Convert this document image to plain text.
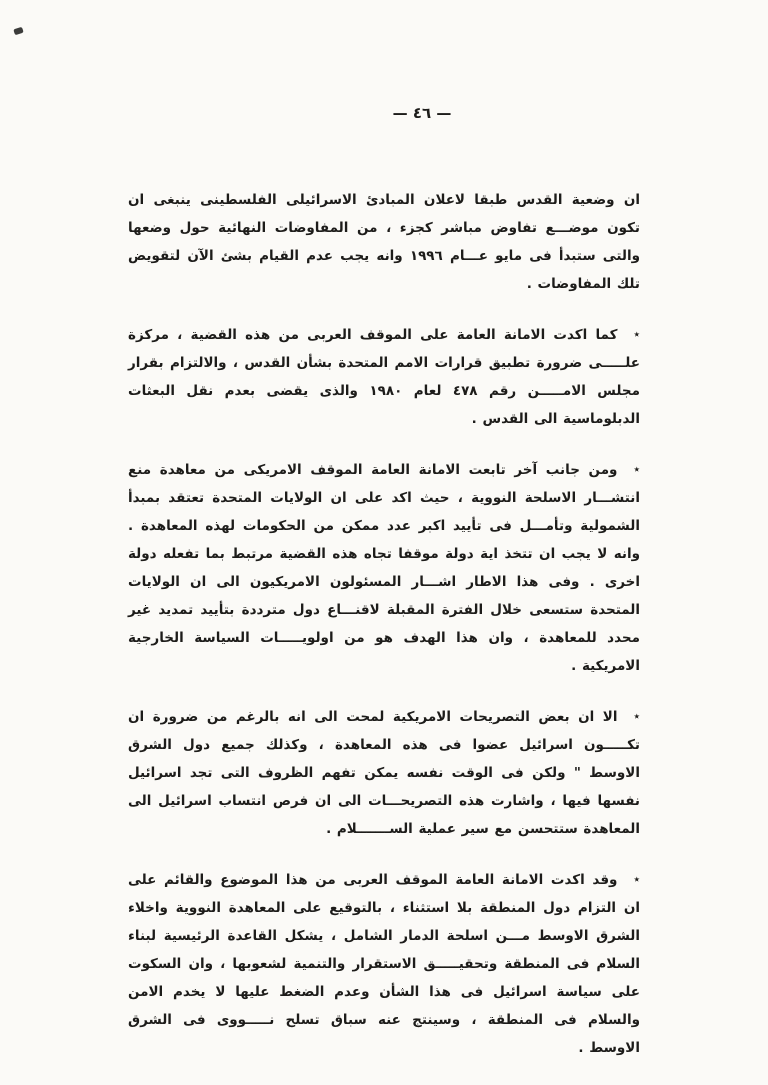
— ٤٦ —

ان وضعية القدس طبقا لاعلان المبادئ الاسرائيلى الفلسطينى ينبغى ان تكون موضـــع تفاوض مباشر كجزء ، من المفاوضات النهائية حول وضعها والتى ستبدأ فى مايو عـــام ١٩٩٦ وانه يجب عدم القيام بشئ الآن لتقويض تلك المفاوضات .

٭كما اكدت الامانة العامة على الموقف العربى من هذه القضية ، مركزة علـــــى ضرورة تطبيق قرارات الامم المتحدة بشأن القدس ، والالتزام بقرار مجلس الامـــــن رقم ٤٧٨ لعام ١٩٨٠ والذى يقضى بعدم نقل البعثات الدبلوماسية الى القدس .

٭ومن جانب آخر تابعت الامانة العامة الموقف الامريكى من معاهدة منع انتشـــار الاسلحة النووية ، حيث اكد على ان الولايات المتحدة تعتقد بمبدأ الشمولية وتأمـــل فى تأييد اكبر عدد ممكن من الحكومات لهذه المعاهدة . وانه لا يجب ان تتخذ اية دولة موقفا تجاه هذه القضية مرتبط بما تفعله دولة اخرى . وفى هذا الاطار اشـــار المسئولون الامريكيون الى ان الولايات المتحدة ستسعى خلال الفترة المقبلة لاقنـــاع دول مترددة بتأييد تمديد غير محدد للمعاهدة ، وان هذا الهدف هو من اولويـــــات السياسة الخارجية الامريكية .

٭الا ان بعض التصريحات الامريكية لمحت الى انه بالرغم من ضرورة ان تكـــــون اسرائيل عضوا فى هذه المعاهدة ، وكذلك جميع دول الشرق الاوسط " ولكن فى الوقت نفسه يمكن تفهم الظروف التى تجد اسرائيل نفسها فيها ، واشارت هذه التصريحـــات الى ان فرص انتساب اسرائيل الى المعاهدة ستتحسن مع سير عملية الســـــــلام .

٭وقد اكدت الامانة العامة الموقف العربى من هذا الموضوع والقائم على ان التزام دول المنطقة بلا استثناء ، بالتوقيع على المعاهدة النووية واخلاء الشرق الاوسط مـــن اسلحة الدمار الشامل ، يشكل القاعدة الرئيسية لبناء السلام فى المنطقة وتحقيـــــق الاستقرار والتنمية لشعوبها ، وان السكوت على سياسة اسرائيل فى هذا الشأن وعدم الضغط عليها لا يخدم الامن والسلام فى المنطقة ، وسينتج عنه سباق تسلح نـــــووى فى الشرق الاوسط .
